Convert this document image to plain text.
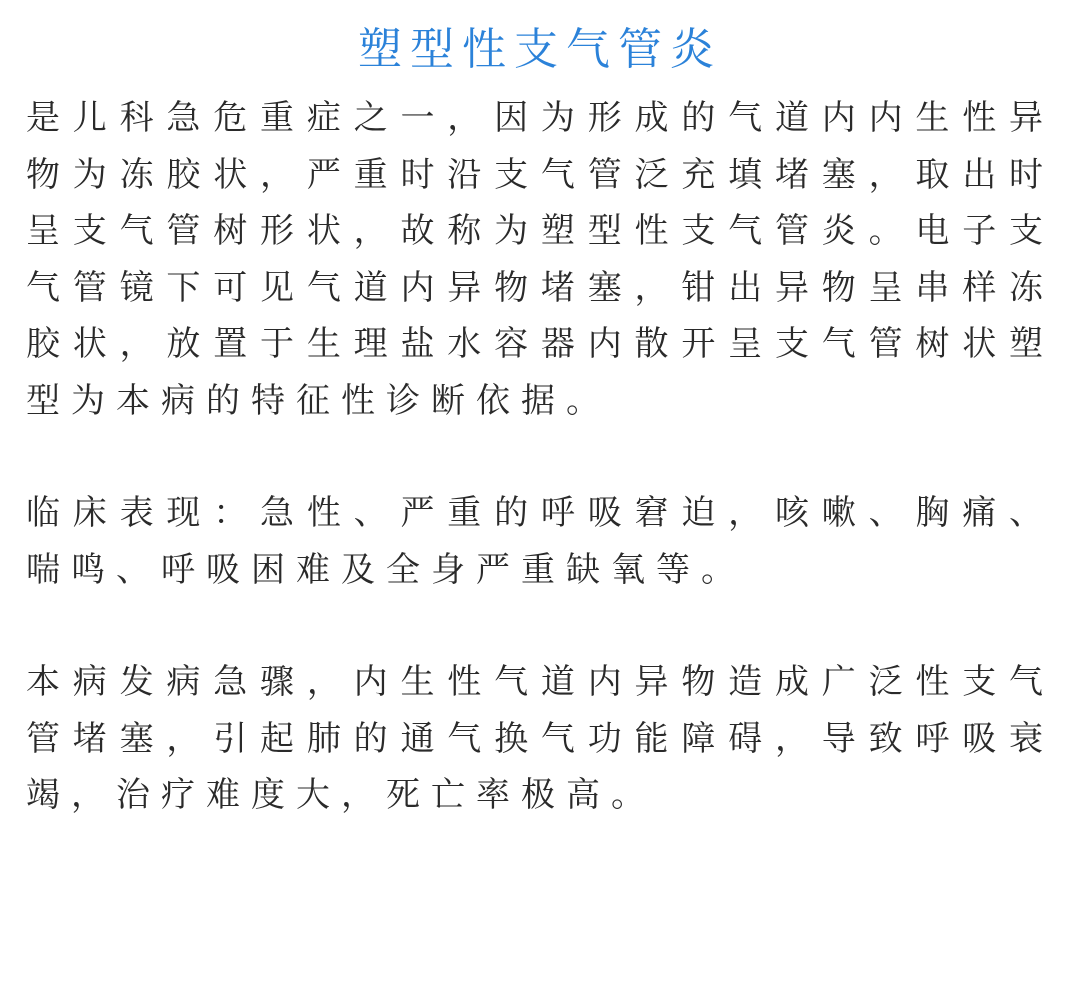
塑型性支气管炎

是儿科急危重症之一，因为形成的气道内内生性异物为冻胶状，严重时沿支气管泛充填堵塞，取出时呈支气管树形状，故称为塑型性支气管炎。电子支气管镜下可见气道内异物堵塞，钳出异物呈串样冻胶状，放置于生理盐水容器内散开呈支气管树状塑型为本病的特征性诊断依据。

临床表现：急性、严重的呼吸窘迫，咳嗽、胸痛、喘鸣、呼吸困难及全身严重缺氧等。

本病发病急骤，内生性气道内异物造成广泛性支气管堵塞，引起肺的通气换气功能障碍，导致呼吸衰竭，治疗难度大，死亡率极高。
